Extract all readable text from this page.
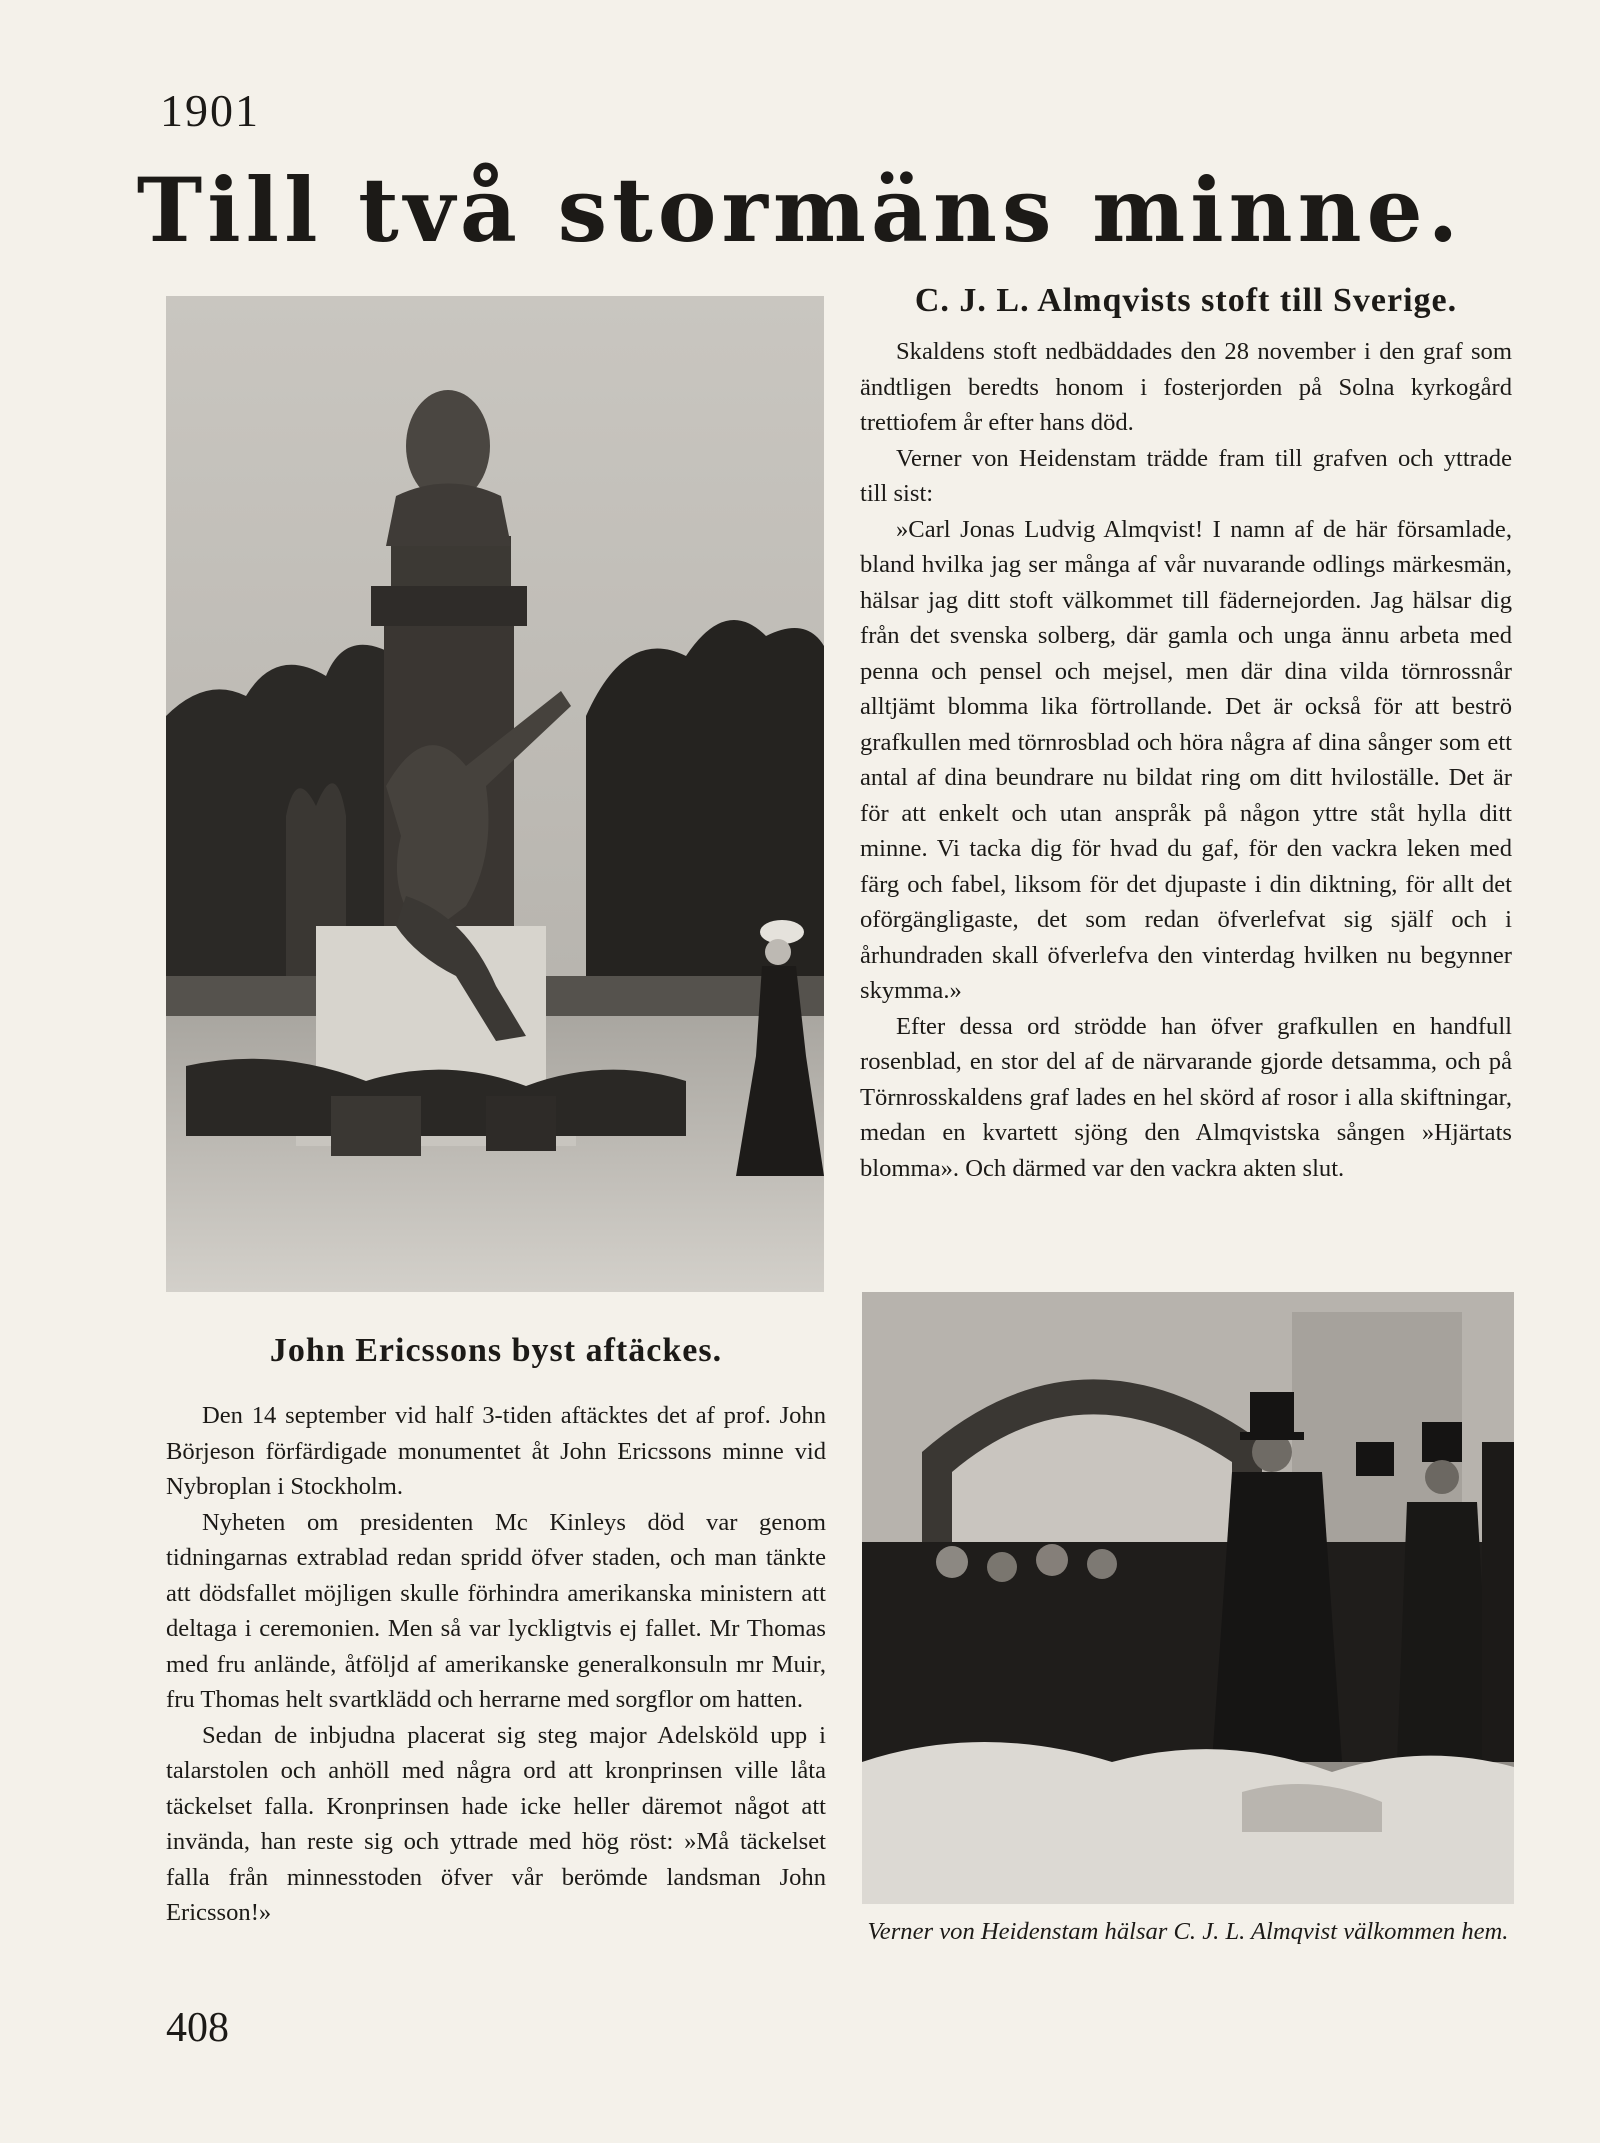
1901
Till två stormäns minne.
C. J. L. Almqvists stoft till Sverige.

Skaldens stoft nedbäddades den 28 november i den graf som ändtligen beredts honom i fosterjorden på Solna kyrkogård trettiofem år efter hans död.

Verner von Heidenstam trädde fram till grafven och yttrade till sist:

»Carl Jonas Ludvig Almqvist! I namn af de här församlade, bland hvilka jag ser många af vår nuvarande odlings märkesmän, hälsar jag ditt stoft välkommet till fädernejorden. Jag hälsar dig från det svenska solberg, där gamla och unga ännu arbeta med penna och pensel och mejsel, men där dina vilda törnrossnår alltjämt blomma lika förtrollande. Det är också för att beströ grafkullen med törnrosblad och höra några af dina sånger som ett antal af dina beundrare nu bildat ring om ditt hviloställe. Det är för att enkelt och utan anspråk på någon yttre ståt hylla ditt minne. Vi tacka dig för hvad du gaf, för den vackra leken med färg och fabel, liksom för det djupaste i din diktning, för allt det oförgängligaste, det som redan öfverlefvat sig själf och i århundraden skall öfverlefva den vinterdag hvilken nu begynner skymma.»

Efter dessa ord strödde han öfver grafkullen en handfull rosenblad, en stor del af de närvarande gjorde detsamma, och på Törnrosskaldens graf lades en hel skörd af rosor i alla skiftningar, medan en kvartett sjöng den Almqvistska sången »Hjärtats blomma». Och därmed var den vackra akten slut.

Verner von Heidenstam hälsar C. J. L. Almqvist välkommen hem.
John Ericssons byst aftäckes.

Den 14 september vid half 3-tiden aftäcktes det af prof. John Börjeson förfärdigade monumentet åt John Ericssons minne vid Nybroplan i Stockholm.

Nyheten om presidenten Mc Kinleys död var genom tidningarnas extrablad redan spridd öfver staden, och man tänkte att dödsfallet möjligen skulle förhindra amerikanska ministern att deltaga i ceremonien. Men så var lyckligtvis ej fallet. Mr Thomas med fru anlände, åtföljd af amerikanske generalkonsuln mr Muir, fru Thomas helt svartklädd och herrarne med sorgflor om hatten.

Sedan de inbjudna placerat sig steg major Adelsköld upp i talarstolen och anhöll med några ord att kronprinsen ville låta täckelset falla. Kronprinsen hade icke heller däremot något att invända, han reste sig och yttrade med hög röst: »Må täckelset falla från minnesstoden öfver vår berömde landsman John Ericsson!»

408
